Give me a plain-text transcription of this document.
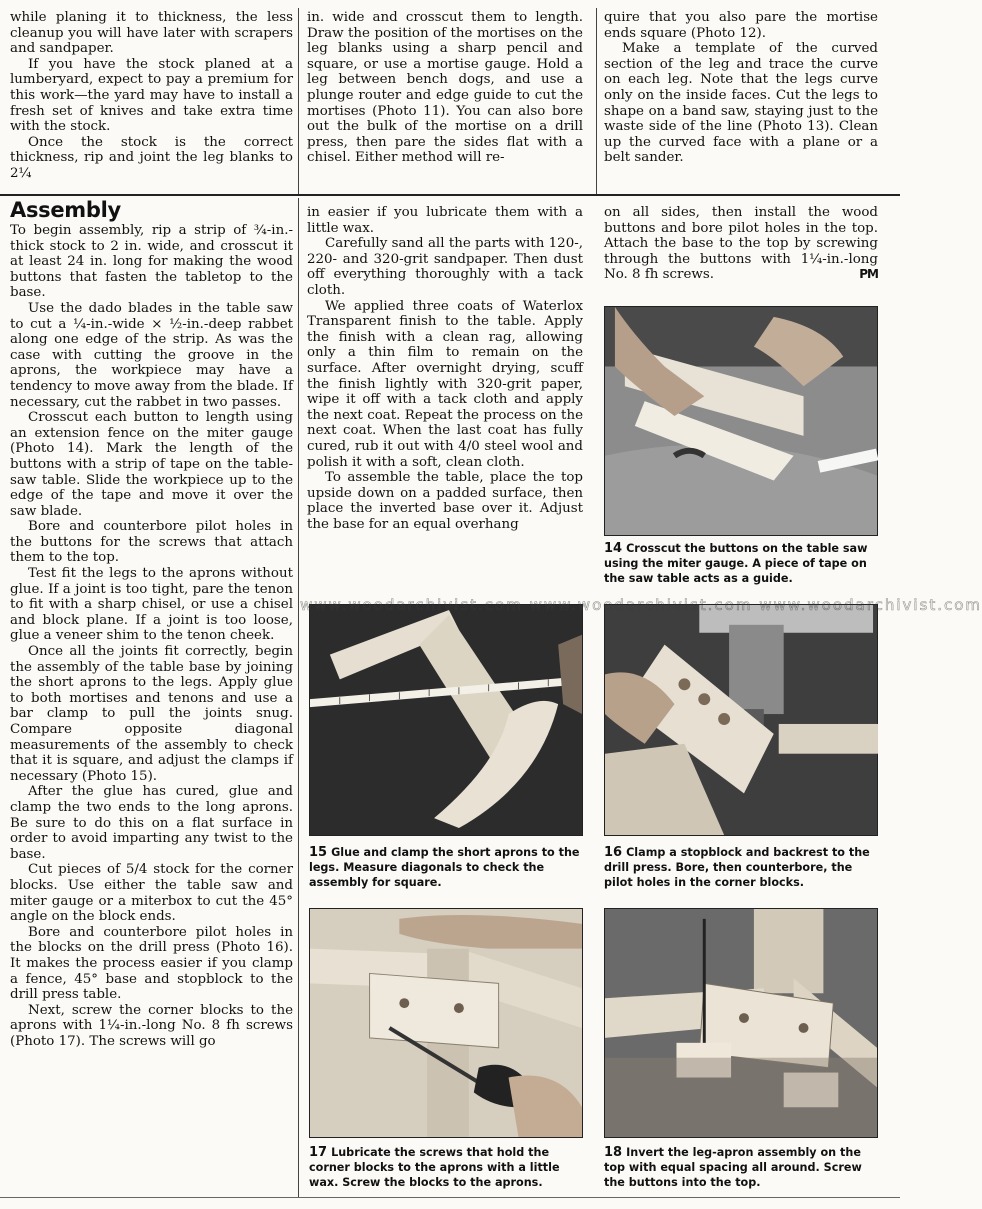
while planing it to thickness, the less cleanup you will have later with scrapers and sandpaper.

If you have the stock planed at a lumberyard, expect to pay a premium for this work—the yard may have to install a fresh set of knives and take extra time with the stock.

Once the stock is the correct thickness, rip and joint the leg blanks to 2¼

in. wide and crosscut them to length. Draw the position of the mortises on the leg blanks using a sharp pencil and square, or use a mortise gauge. Hold a leg between bench dogs, and use a plunge router and edge guide to cut the mortises (Photo 11). You can also bore out the bulk of the mortise on a drill press, then pare the sides flat with a chisel. Either method will re-

quire that you also pare the mortise ends square (Photo 12).

Make a template of the curved section of the leg and trace the curve on each leg. Note that the legs curve only on the inside faces. Cut the legs to shape on a band saw, staying just to the waste side of the line (Photo 13). Clean up the curved face with a plane or a belt sander.

Assembly

To begin assembly, rip a strip of ¾-in.-thick stock to 2 in. wide, and crosscut it at least 24 in. long for making the wood buttons that fasten the tabletop to the base.

Use the dado blades in the table saw to cut a ¼-in.-wide × ½-in.-deep rabbet along one edge of the strip. As was the case with cutting the groove in the aprons, the workpiece may have a tendency to move away from the blade. If necessary, cut the rabbet in two passes.

Crosscut each button to length using an extension fence on the miter gauge (Photo 14). Mark the length of the buttons with a strip of tape on the table-saw table. Slide the workpiece up to the edge of the tape and move it over the saw blade.

Bore and counterbore pilot holes in the buttons for the screws that attach them to the top.

Test fit the legs to the aprons without glue. If a joint is too tight, pare the tenon to fit with a sharp chisel, or use a chisel and block plane. If a joint is too loose, glue a veneer shim to the tenon cheek.

Once all the joints fit correctly, begin the assembly of the table base by joining the short aprons to the legs. Apply glue to both mortises and tenons and use a bar clamp to pull the joints snug. Compare opposite diagonal measurements of the assembly to check that it is square, and adjust the clamps if necessary (Photo 15).

After the glue has cured, glue and clamp the two ends to the long aprons. Be sure to do this on a flat surface in order to avoid imparting any twist to the base.

Cut pieces of 5/4 stock for the corner blocks. Use either the table saw and miter gauge or a miterbox to cut the 45° angle on the block ends.

Bore and counterbore pilot holes in the blocks on the drill press (Photo 16). It makes the process easier if you clamp a fence, 45° base and stopblock to the drill press table.

Next, screw the corner blocks to the aprons with 1¼-in.-long No. 8 fh screws (Photo 17). The screws will go

in easier if you lubricate them with a little wax.

Carefully sand all the parts with 120-, 220- and 320-grit sandpaper. Then dust off everything thoroughly with a tack cloth.

We applied three coats of Waterlox Transparent finish to the table. Apply the finish with a clean rag, allowing only a thin film to remain on the surface. After overnight drying, scuff the finish lightly with 320-grit paper, wipe it off with a tack cloth and apply the next coat. Repeat the process on the next coat. When the last coat has fully cured, rub it out with 4/0 steel wool and polish it with a soft, clean cloth.

To assemble the table, place the top upside down on a padded surface, then place the inverted base over it. Adjust the base for an equal overhang

on all sides, then install the wood buttons and bore pilot holes in the top. Attach the base to the top by screwing through the buttons with 1¼-in.-long No. 8 fh screws.	PM

14 Crosscut the buttons on the table saw using the miter gauge. A piece of tape on the saw table acts as a guide.
15 Glue and clamp the short aprons to the legs. Measure diagonals to check the assembly for square.
16 Clamp a stopblock and backrest to the drill press. Bore, then counterbore, the pilot holes in the corner blocks.
17 Lubricate the screws that hold the corner blocks to the aprons with a little wax. Screw the blocks to the aprons.
18 Invert the leg-apron assembly on the top with equal spacing all around. Screw the buttons into the top.
www.woodarchivist.com www.woodarchivist.com www.woodarchivist.com
